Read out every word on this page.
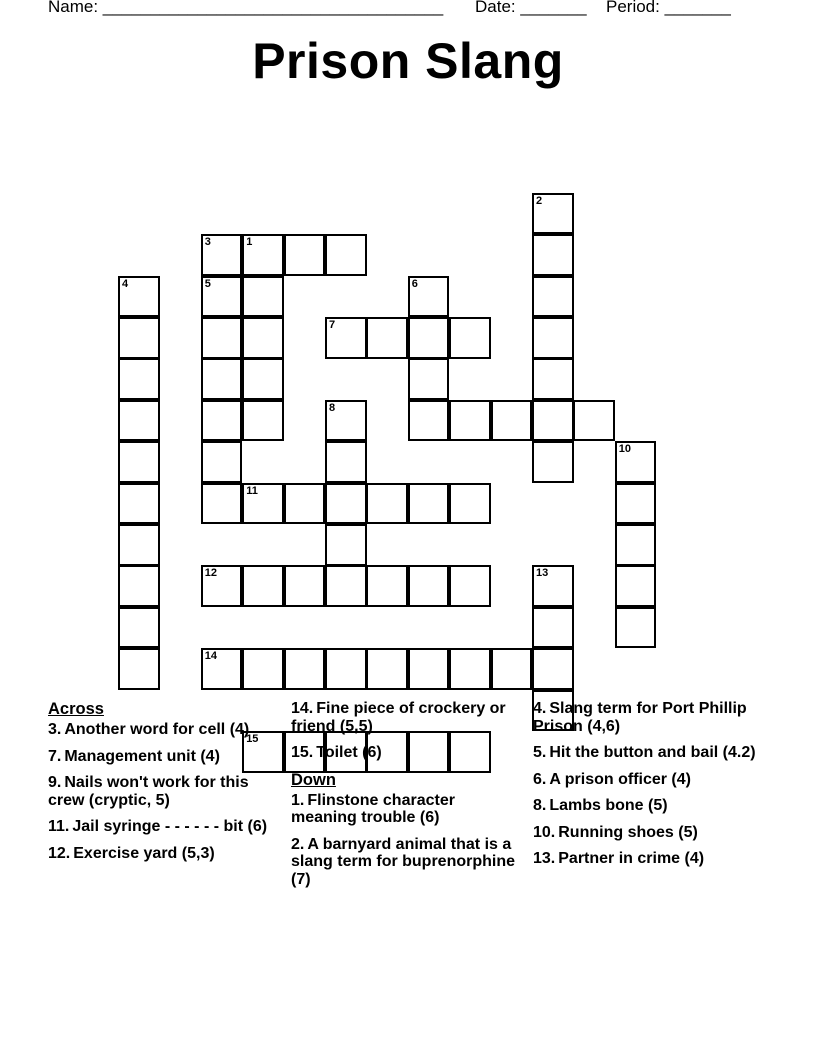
Name: ____________________________________ Date: _______ Period: _______
Prison Slang
1
2
3
4	5	6
7
8
10
11
12	13
14
15
Across
3. Another word for cell (4)
7. Management unit (4)
9. Nails won't work for this crew (cryptic, 5)
11. Jail syringe - - - - - - bit (6)
12. Exercise yard (5,3)
14. Fine piece of crockery or friend (5,5)
15. Toilet (6)
Down
1. Flinstone character meaning trouble (6)
2. A barnyard animal that is a slang term for buprenorphine (7)
4. Slang term for Port Phillip Prison (4,6)
5. Hit the button and bail (4.2)
6. A prison officer (4)
8. Lambs bone (5)
10. Running shoes (5)
13. Partner in crime (4)
